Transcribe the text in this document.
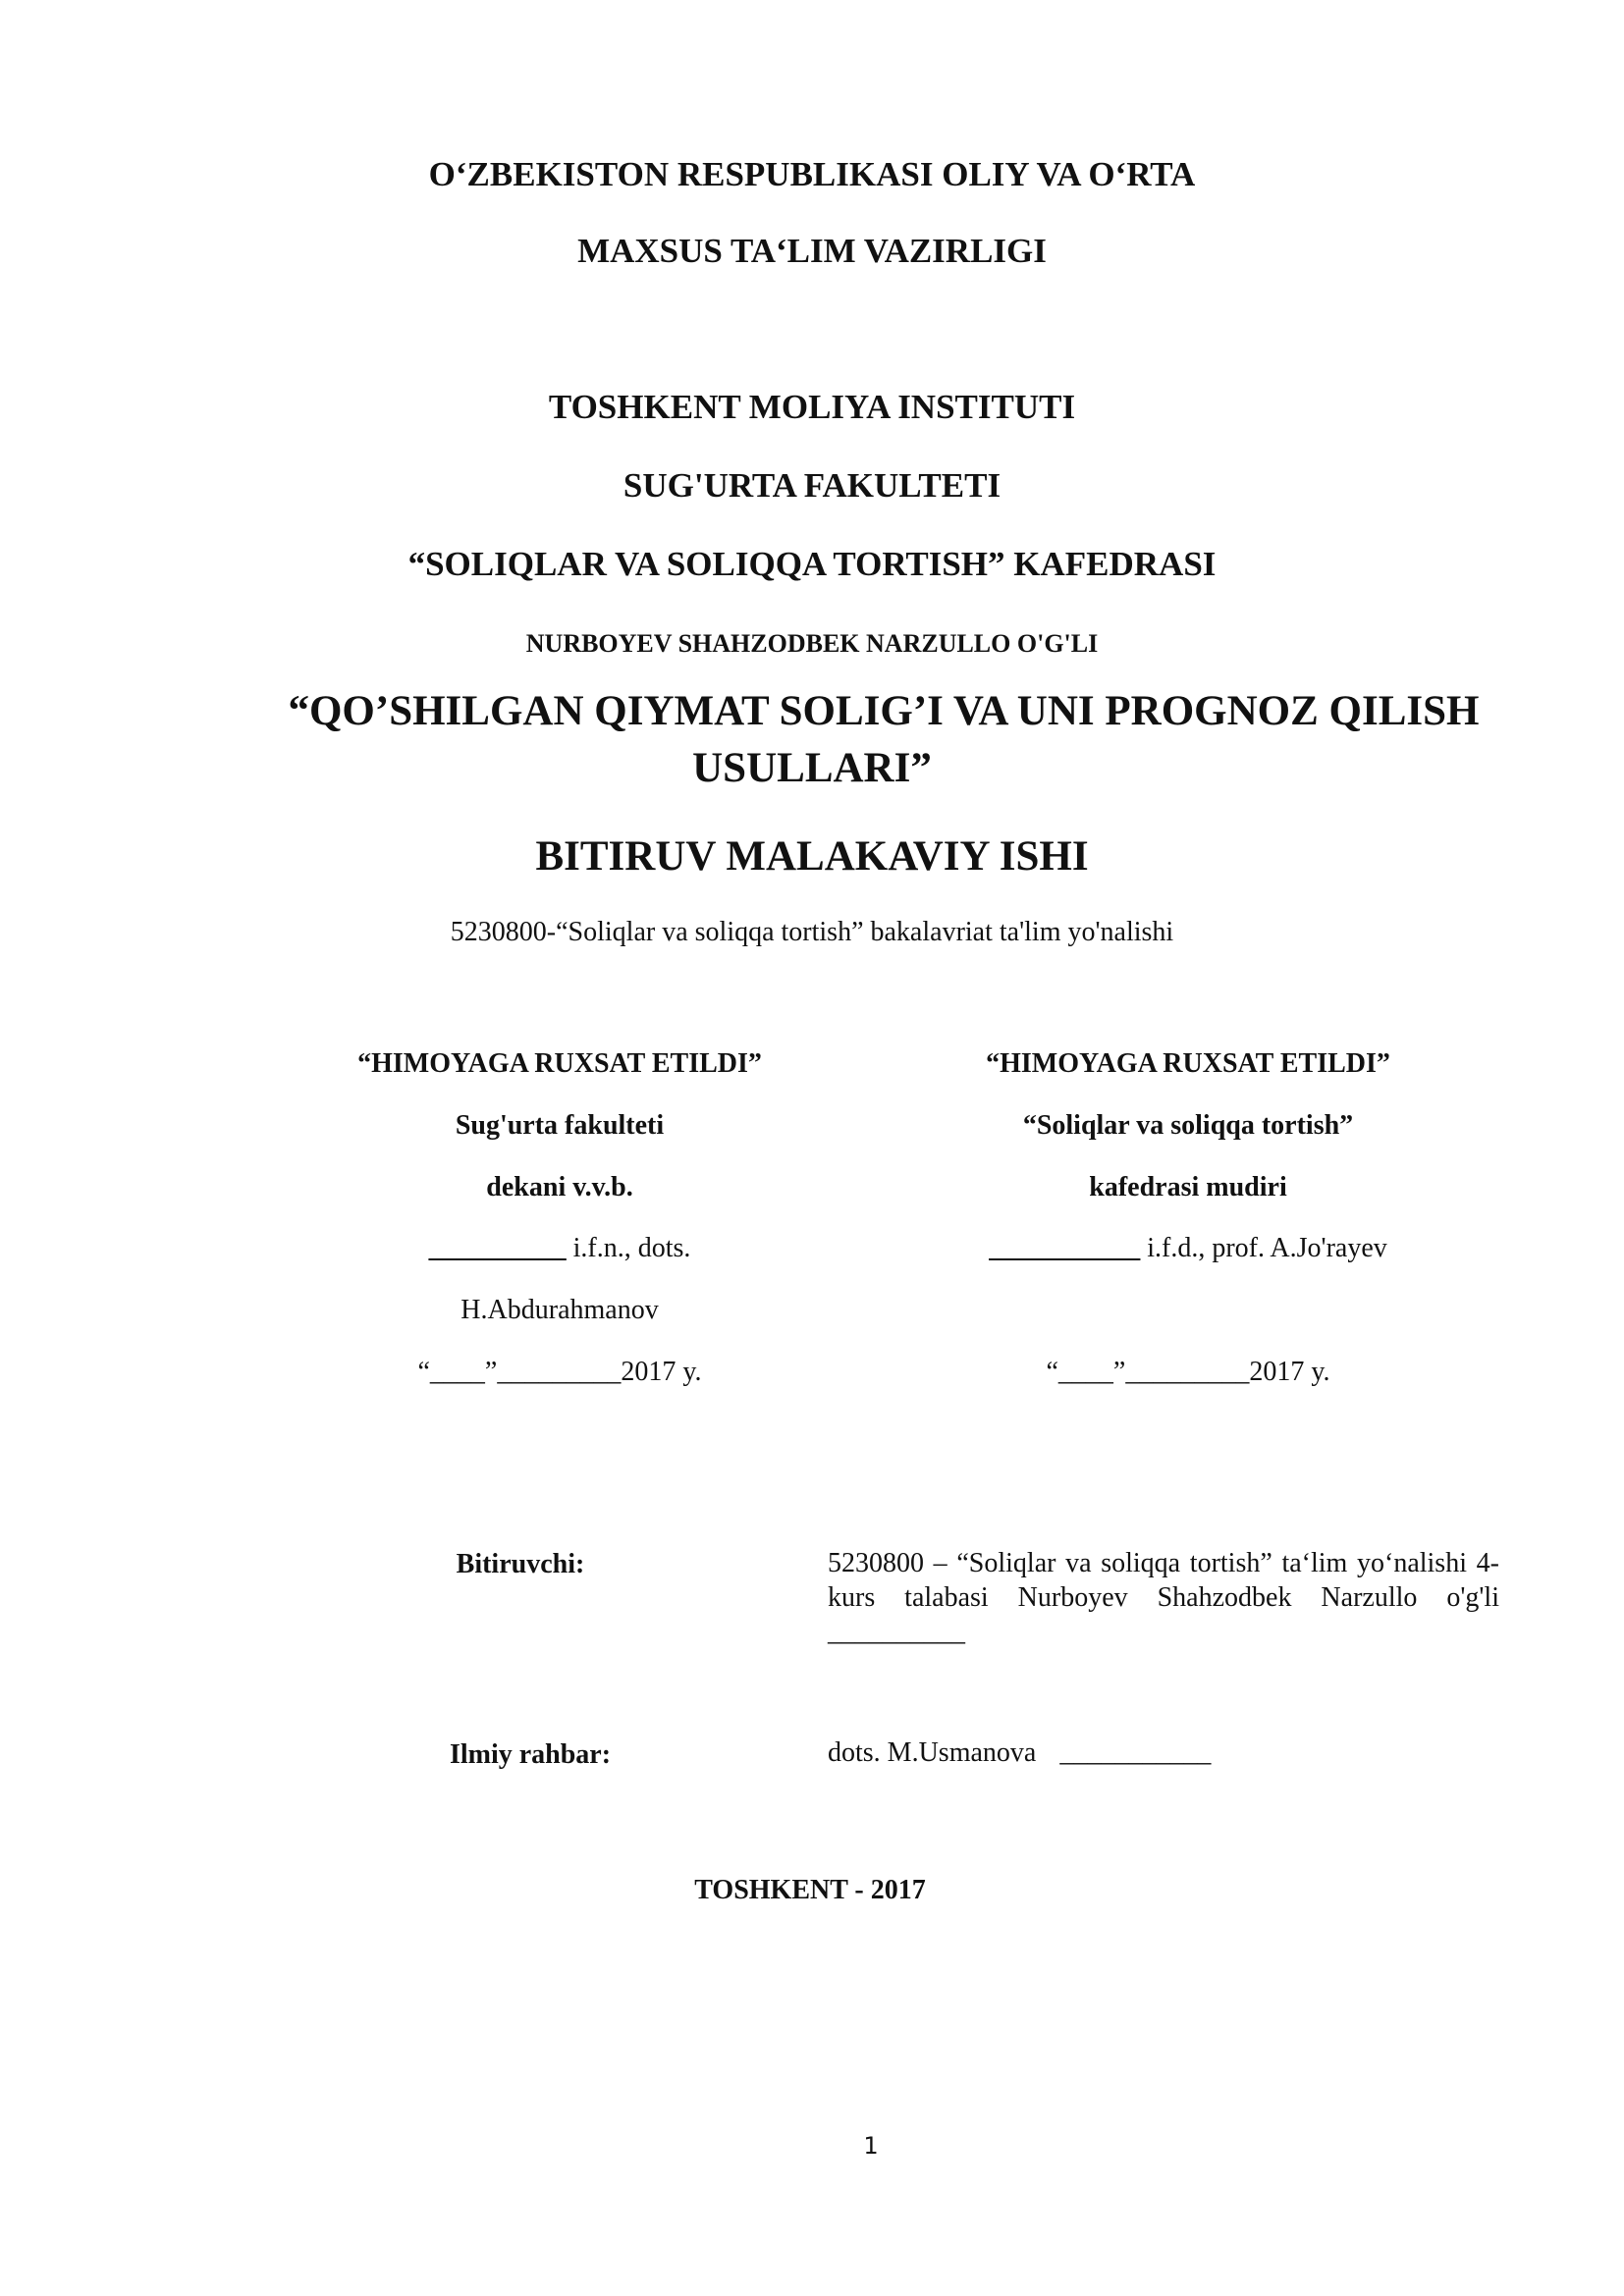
O‘ZBEKISTON RESPUBLIKASI OLIY VA O‘RTA
MAXSUS TA‘LIM VAZIRLIGI
TOSHKENT MOLIYA INSTITUTI
SUG'URTA FAKULTETI
“SOLIQLAR VA SOLIQQA TORTISH” KAFEDRASI
NURBOYEV SHAHZODBEK NARZULLO O'G'LI
“QO’SHILGAN QIYMAT SOLIG’I VA UNI PROGNOZ QILISH
USULLARI”
BITIRUV MALAKAVIY ISHI
5230800-“Soliqlar va soliqqa tortish” bakalavriat ta'lim yo'nalishi
“HIMOYAGA RUXSAT ETILDI”
Sug'urta fakulteti
dekani v.v.b.
__________ i.f.n., dots.
H.Abdurahmanov
“____”_________2017 y.
“HIMOYAGA RUXSAT ETILDI”
“Soliqlar va soliqqa tortish”
kafedrasi mudiri
___________ i.f.d., prof. A.Jo'rayev
“____”_________2017 y.
Bitiruvchi:	5230800 – “Soliqlar va soliqqa tortish” ta‘lim yo‘nalishi 4-kurs talabasi Nurboyev Shahzodbek Narzullo o'g'li __________

Ilmiy rahbar:	dots. M.Usmanova ___________
TOSHKENT - 2017
1
